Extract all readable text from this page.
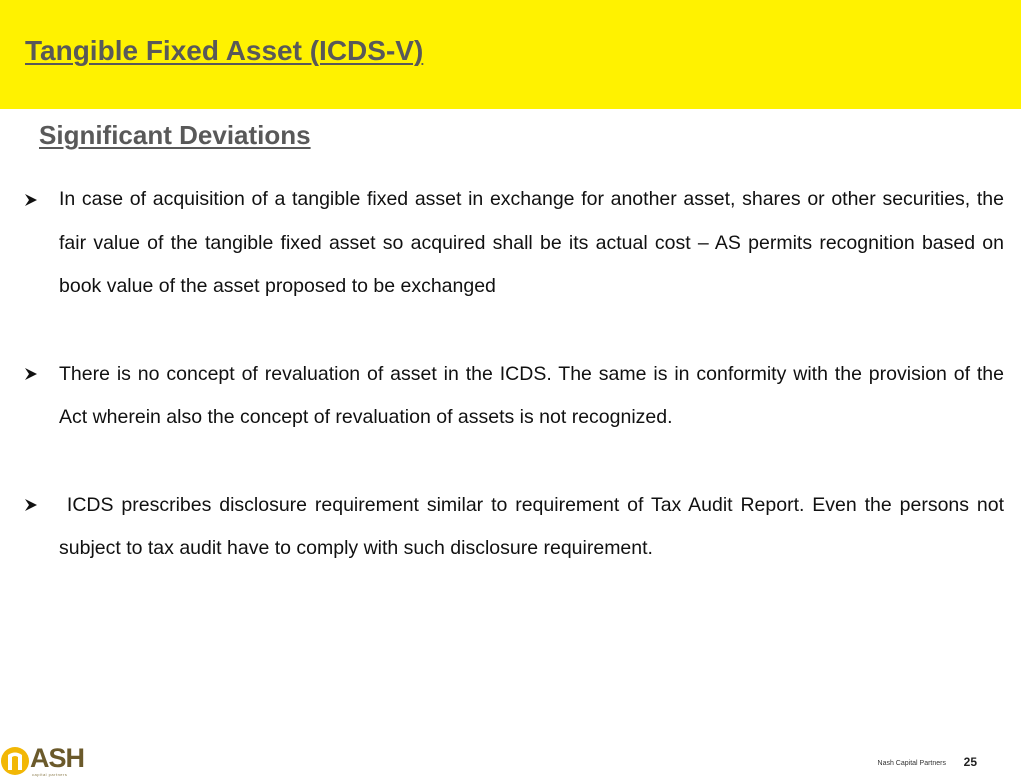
Tangible Fixed Asset (ICDS-V)
Significant Deviations
In case of acquisition of a tangible fixed asset in exchange for another asset, shares or other securities, the fair value of the tangible fixed asset so acquired shall be its actual cost – AS permits recognition based on book value of the asset proposed to be exchanged
There is no concept of revaluation of asset in the ICDS. The same is in conformity with the provision of the Act wherein also the concept of revaluation of assets is not recognized.
ICDS prescribes disclosure requirement similar to requirement of Tax Audit Report. Even the persons not subject to tax audit have to comply with such disclosure requirement.
ASH
capital partners
Nash Capital Partners 25
